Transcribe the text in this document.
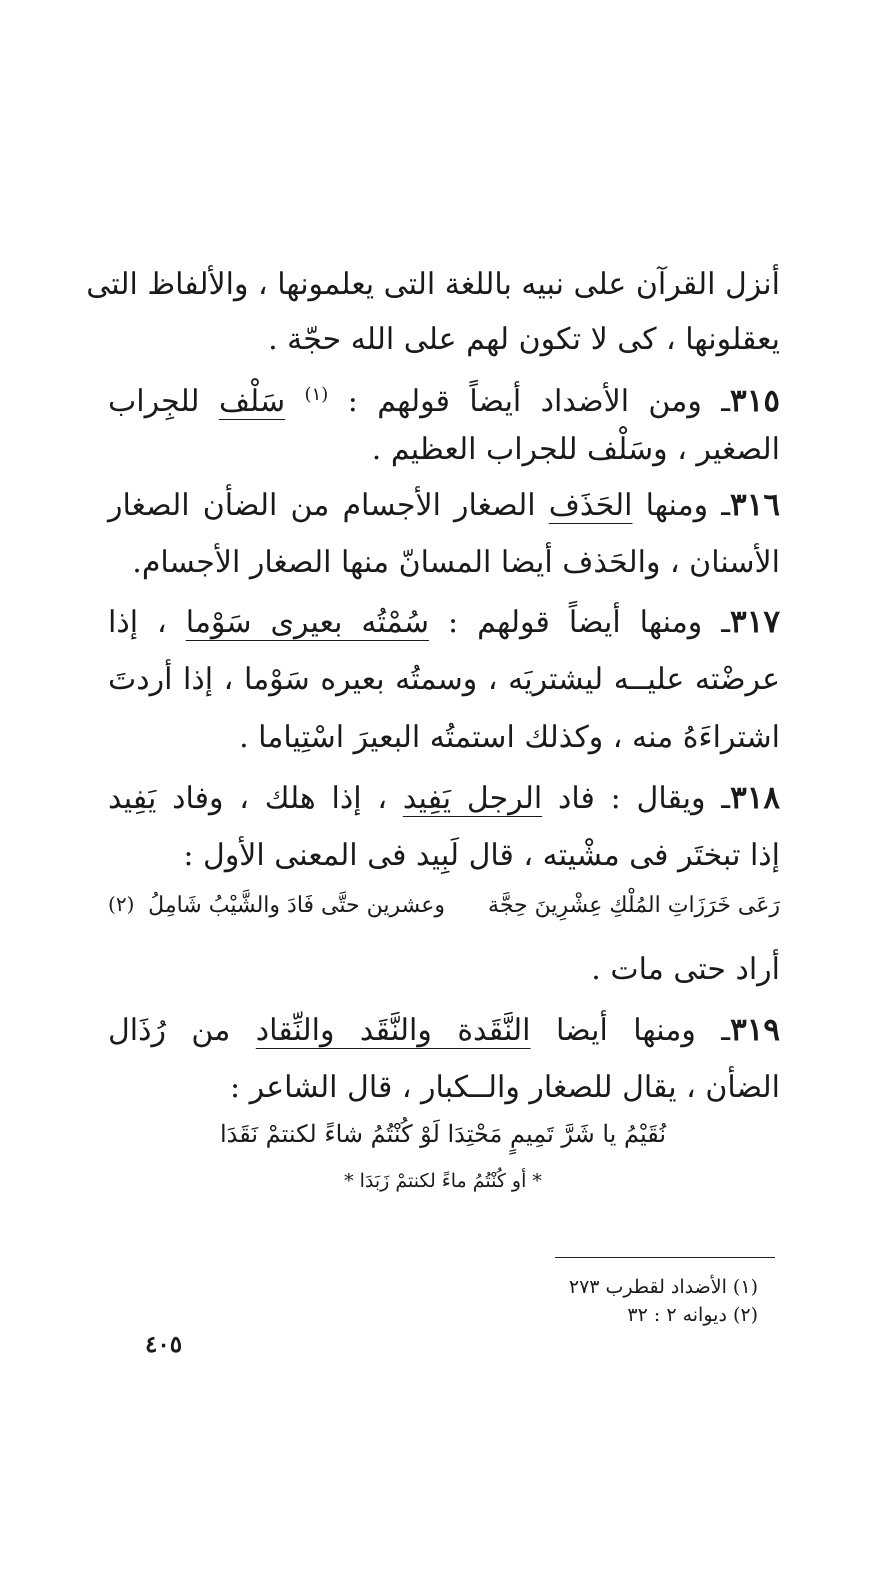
أنزل القرآن على نبيه باللغة التى يعلمونها ، والألفاظ التى
يعقلونها ، كى لا تكون لهم على الله حجّة .
٣١٥ـ ومن الأضداد أيضاً قولهم : $^{(١)}$ سَلْف للجِراب
الصغير ، وسَلْف للجراب العظيم .
٣١٦ـ ومنها الحَذَف الصغار الأجسام من الضأن الصغار
الأسنان ، والحَذف أيضا المسانّ منها الصغار الأجسام.
٣١٧ـ ومنها أيضاً قولهم : سُمْتُه بعيرى سَوْما ، إذا
عرضْته عليــه ليشتريَه ، وسمتُه بعيره سَوْما ، إذا أردتَ
اشتراءَهُ منه ، وكذلك استمتُه البعيرَ اسْتِياما .
٣١٨ـ ويقال : فاد الرجل يَفِيد ، إذا هلك ، وفاد يَفِيد
إذا تبختَر فى مشْيته ، قال لَبِيد فى المعنى الأول :
رَعَى خَرَزَاتِ المُلْكِ عِشْرِينَ حِجَّة
وعشرين حتَّى فَادَ والشَّيْبُ شَامِلُ
(٢)
أراد حتى مات .
٣١٩ـ ومنها أيضا النَّقَدة والنَّقَد والنِّقاد من رُذَال
الضأن ، يقال للصغار والــكبار ، قال الشاعر :
نُقَيْمُ يا شَرَّ تَمِيمٍ مَحْتِدَا لَوْ كُنْتُمُ شاءً لكنتمْ نَقَدَا
* أو كُنْتُمُ ماءً لكنتمْ زَبَدَا *
(١) الأضداد لقطرب ٢٧٣
(٢) ديوانه ٢ : ٣٢
٤٠٥
